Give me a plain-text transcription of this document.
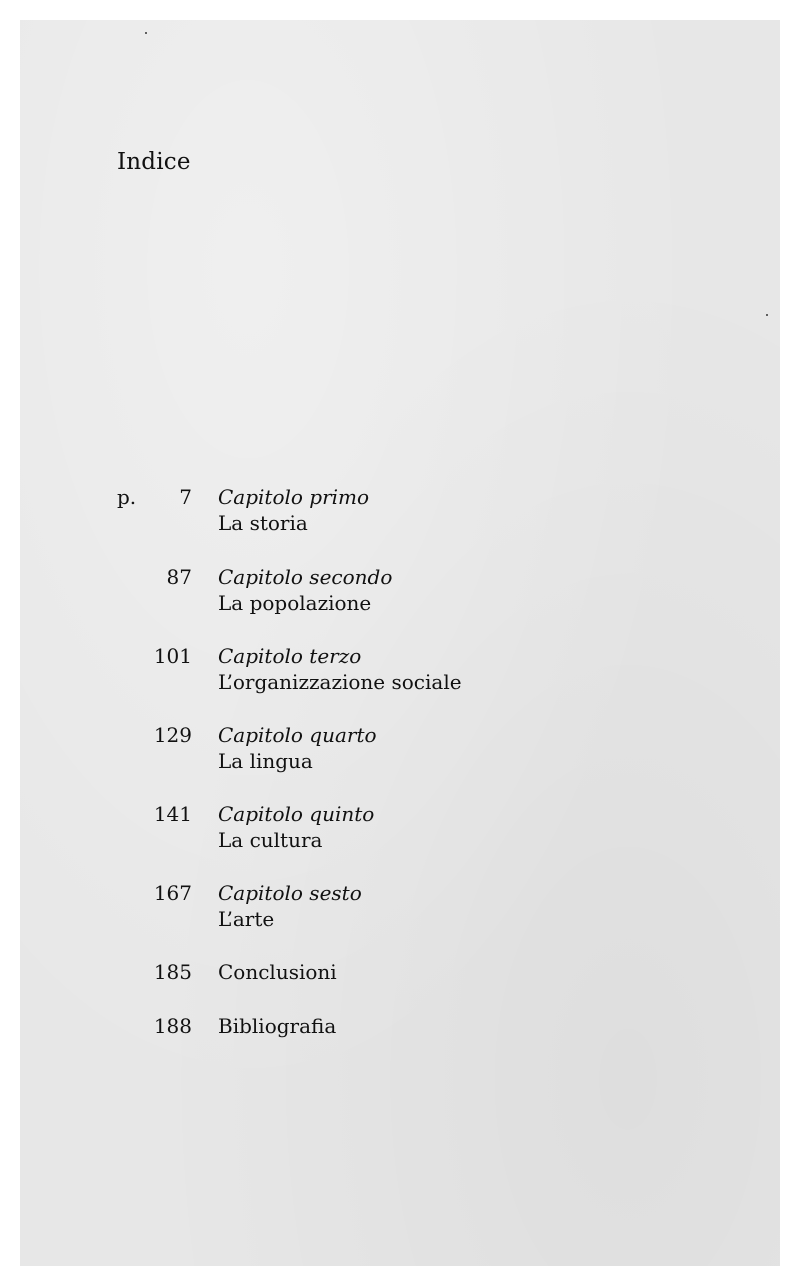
Indice
p. 7 Capitolo primo
La storia
87 Capitolo secondo
La popolazione
101 Capitolo terzo
L’organizzazione sociale
129 Capitolo quarto
La lingua
141 Capitolo quinto
La cultura
167 Capitolo sesto
L’arte
185 Conclusioni
188 Bibliografia
